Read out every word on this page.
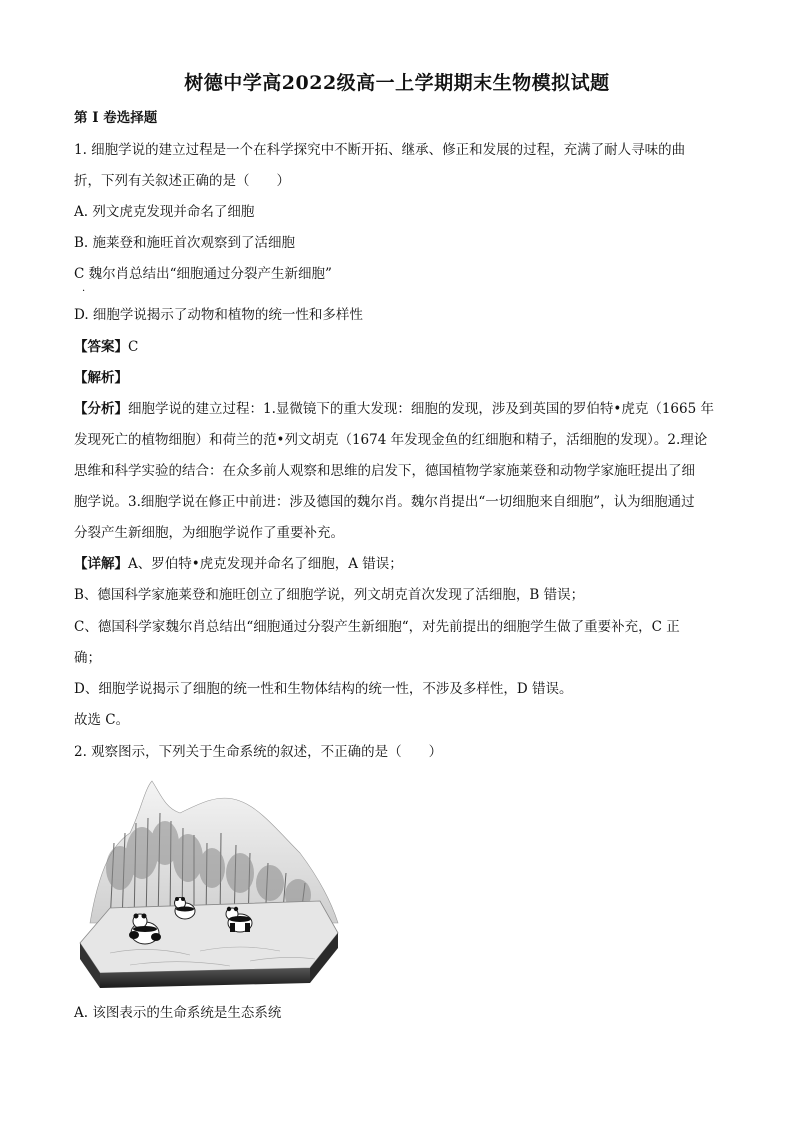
树德中学高2022级高一上学期期末生物模拟试题
第 I 卷选择题
1. 细胞学说的建立过程是一个在科学探究中不断开拓、继承、修正和发展的过程，充满了耐人寻味的曲
折，下列有关叙述正确的是（　　）
A. 列文虎克发现并命名了细胞
B. 施莱登和施旺首次观察到了活细胞
C 魏尔肖总结出“细胞通过分裂产生新细胞”
·
D. 细胞学说揭示了动物和植物的统一性和多样性
【答案】C
【解析】
【分析】细胞学说的建立过程：1.显微镜下的重大发现：细胞的发现，涉及到英国的罗伯特•虎克（1665 年
发现死亡的植物细胞）和荷兰的范•列文胡克（1674 年发现金鱼的红细胞和精子，活细胞的发现）。2.理论
思维和科学实验的结合：在众多前人观察和思维的启发下，德国植物学家施莱登和动物学家施旺提出了细
胞学说。3.细胞学说在修正中前进：涉及德国的魏尔肖。魏尔肖提出“一切细胞来自细胞”，认为细胞通过
分裂产生新细胞，为细胞学说作了重要补充。
【详解】A、罗伯特•虎克发现并命名了细胞，A 错误；
B、德国科学家施莱登和施旺创立了细胞学说，列文胡克首次发现了活细胞，B 错误；
C、德国科学家魏尔肖总结出“细胞通过分裂产生新细胞“，对先前提出的细胞学生做了重要补充，C 正
确；
D、细胞学说揭示了细胞的统一性和生物体结构的统一性，不涉及多样性，D 错误。
故选 C。
2. 观察图示，下列关于生命系统的叙述，不正确的是（　　）
A. 该图表示的生命系统是生态系统
